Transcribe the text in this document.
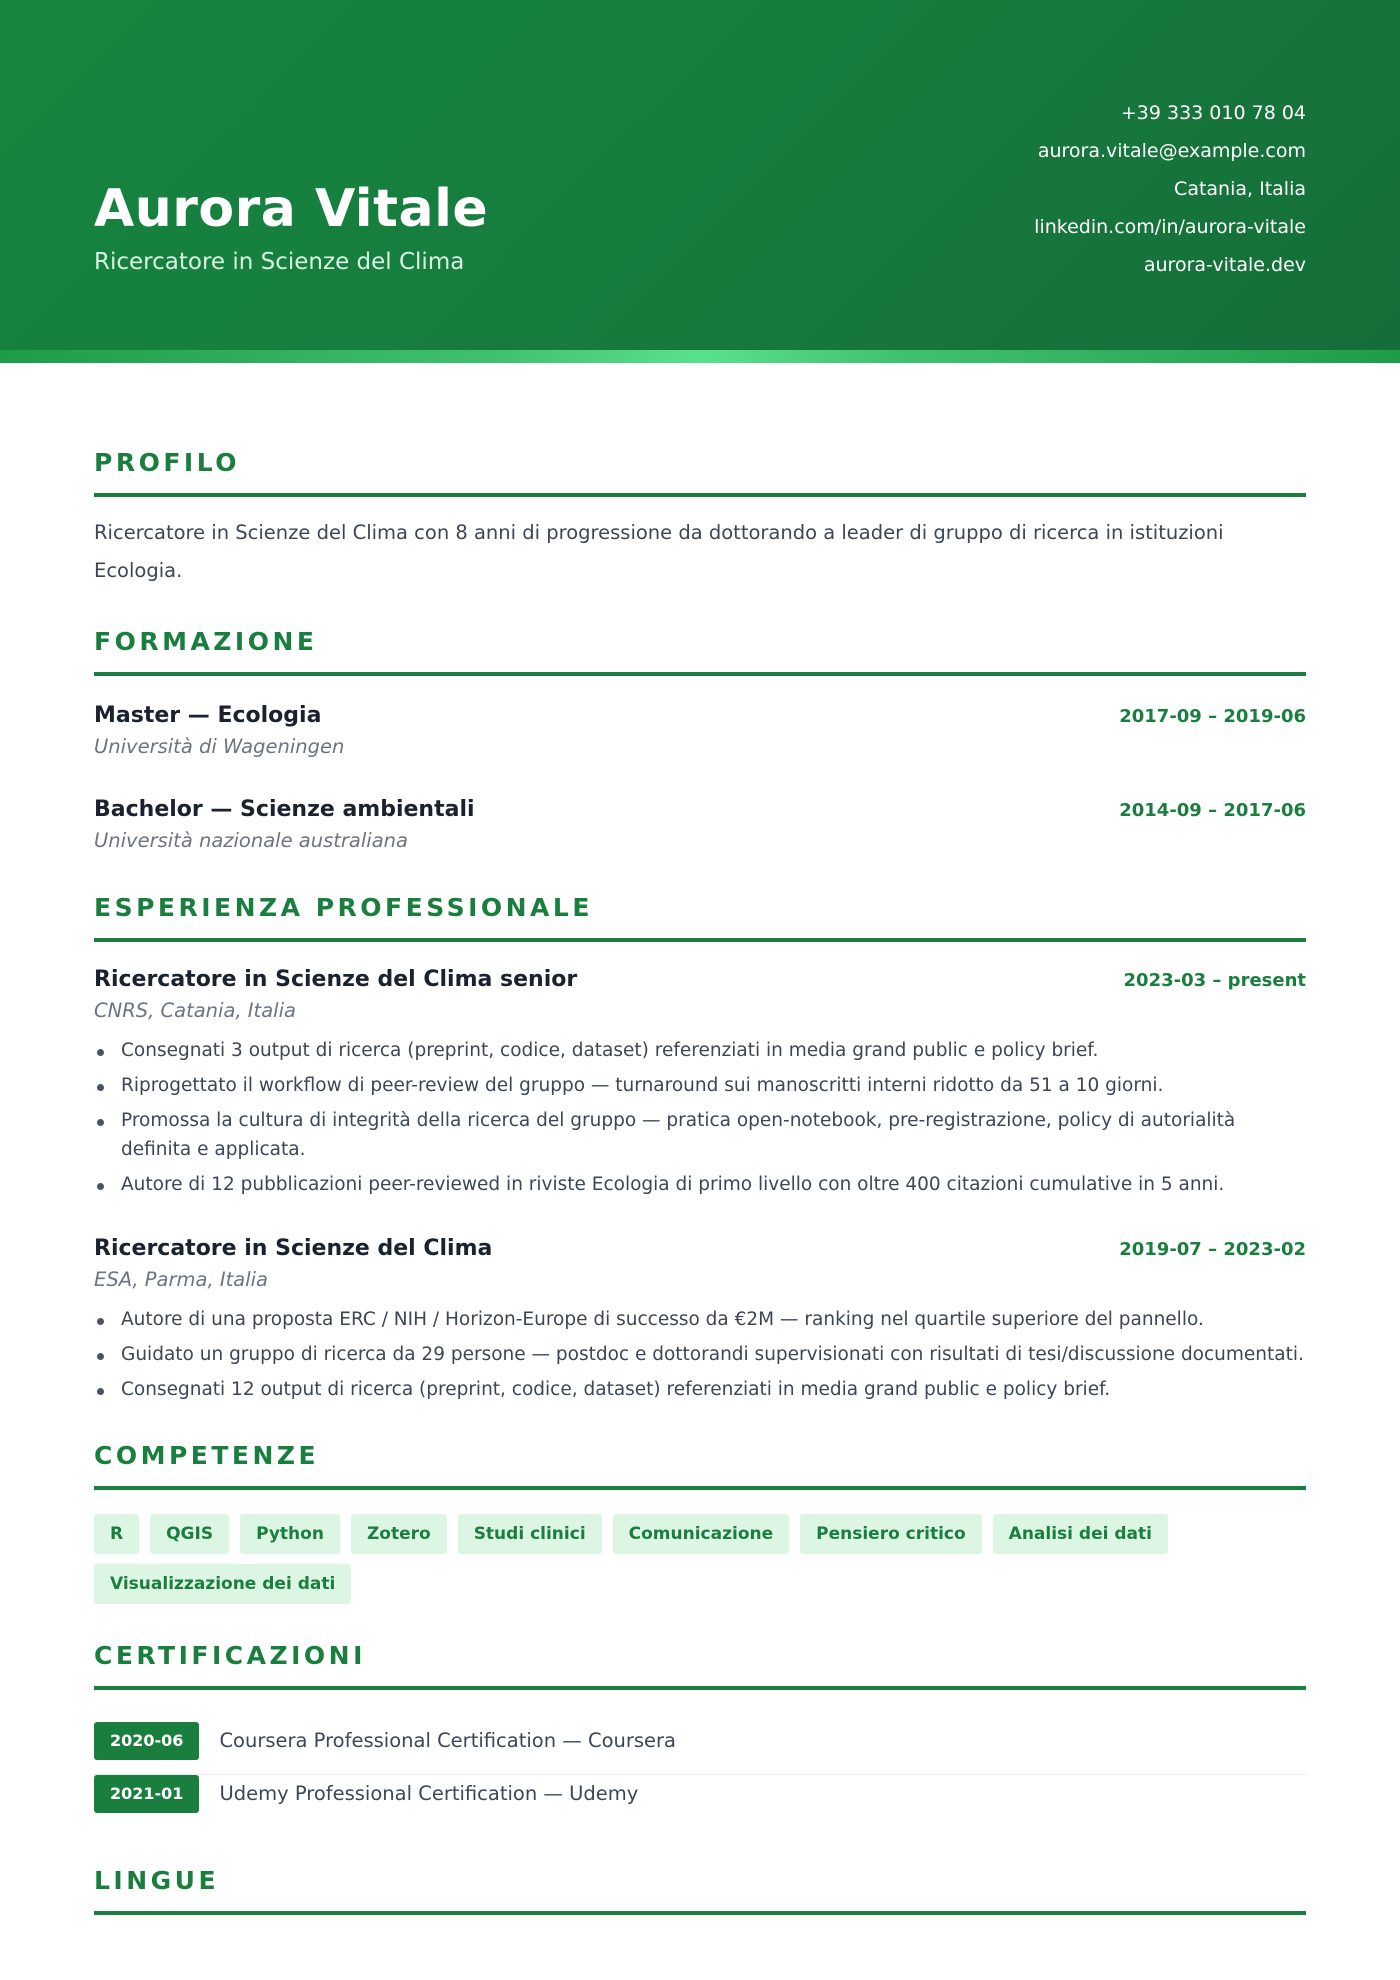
Aurora Vitale
Ricercatore in Scienze del Clima
+39 333 010 78 04
aurora.vitale@example.com
Catania, Italia
linkedin.com/in/aurora-vitale
aurora-vitale.dev
PROFILO

Ricercatore in Scienze del Clima con 8 anni di progressione da dottorando a leader di gruppo di ricerca in istituzioni Ecologia.

FORMAZIONE
Master — Ecologia	2017-09 – 2019-06
Università di Wageningen
Bachelor — Scienze ambientali	2014-09 – 2017-06
Università nazionale australiana
ESPERIENZA PROFESSIONALE
Ricercatore in Scienze del Clima senior	2023-03 – present
CNRS, Catania, Italia
Consegnati 3 output di ricerca (preprint, codice, dataset) referenziati in media grand public e policy brief.
Riprogettato il workflow di peer-review del gruppo — turnaround sui manoscritti interni ridotto da 51 a 10 giorni.
Promossa la cultura di integrità della ricerca del gruppo — pratica open-notebook, pre-registrazione, policy di autorialità definita e applicata.
Autore di 12 pubblicazioni peer-reviewed in riviste Ecologia di primo livello con oltre 400 citazioni cumulative in 5 anni.
Ricercatore in Scienze del Clima	2019-07 – 2023-02
ESA, Parma, Italia
Autore di una proposta ERC / NIH / Horizon-Europe di successo da €2M — ranking nel quartile superiore del pannello.
Guidato un gruppo di ricerca da 29 persone — postdoc e dottorandi supervisionati con risultati di tesi/discussione documentati.
Consegnati 12 output di ricerca (preprint, codice, dataset) referenziati in media grand public e policy brief.
COMPETENZE
R	QGIS	Python	Zotero	Studi clinici	Comunicazione	Pensiero critico	Analisi dei dati
Visualizzazione dei dati
CERTIFICAZIONI
2020-06	Coursera Professional Certification — Coursera
2021-01	Udemy Professional Certification — Udemy
LINGUE
